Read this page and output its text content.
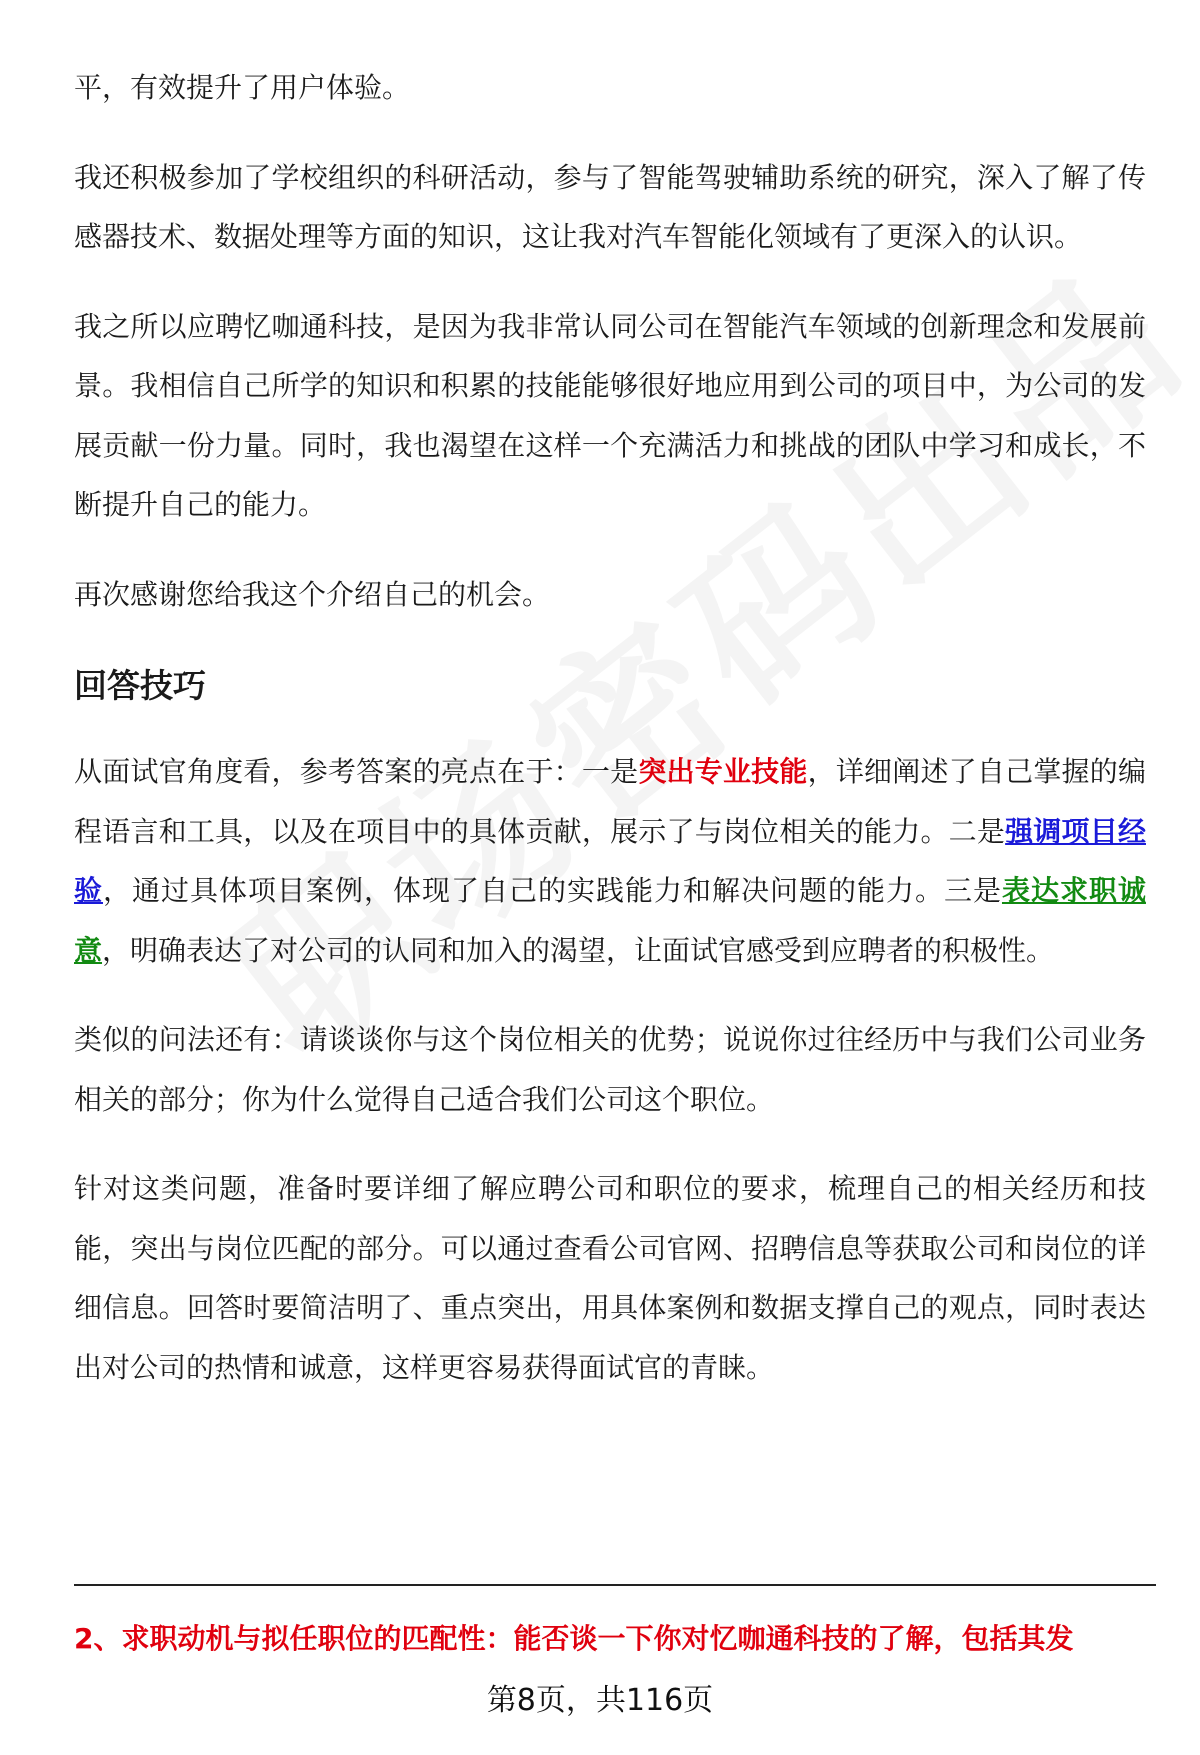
平，有效提升了用户体验。

我还积极参加了学校组织的科研活动，参与了智能驾驶辅助系统的研究，深入了解了传感器技术、数据处理等方面的知识，这让我对汽车智能化领域有了更深入的认识。

我之所以应聘忆咖通科技，是因为我非常认同公司在智能汽车领域的创新理念和发展前景。我相信自己所学的知识和积累的技能能够很好地应用到公司的项目中，为公司的发展贡献一份力量。同时，我也渴望在这样一个充满活力和挑战的团队中学习和成长，不断提升自己的能力。

再次感谢您给我这个介绍自己的机会。

回答技巧

从面试官角度看，参考答案的亮点在于：一是突出专业技能，详细阐述了自己掌握的编程语言和工具，以及在项目中的具体贡献，展示了与岗位相关的能力。二是强调项目经验，通过具体项目案例，体现了自己的实践能力和解决问题的能力。三是表达求职诚意，明确表达了对公司的认同和加入的渴望，让面试官感受到应聘者的积极性。

类似的问法还有：请谈谈你与这个岗位相关的优势；说说你过往经历中与我们公司业务相关的部分；你为什么觉得自己适合我们公司这个职位。

针对这类问题，准备时要详细了解应聘公司和职位的要求，梳理自己的相关经历和技能，突出与岗位匹配的部分。可以通过查看公司官网、招聘信息等获取公司和岗位的详细信息。回答时要简洁明了、重点突出，用具体案例和数据支撑自己的观点，同时表达出对公司的热情和诚意，这样更容易获得面试官的青睐。

2、求职动机与拟任职位的匹配性：能否谈一下你对忆咖通科技的了解，包括其发
第8页，共116页
